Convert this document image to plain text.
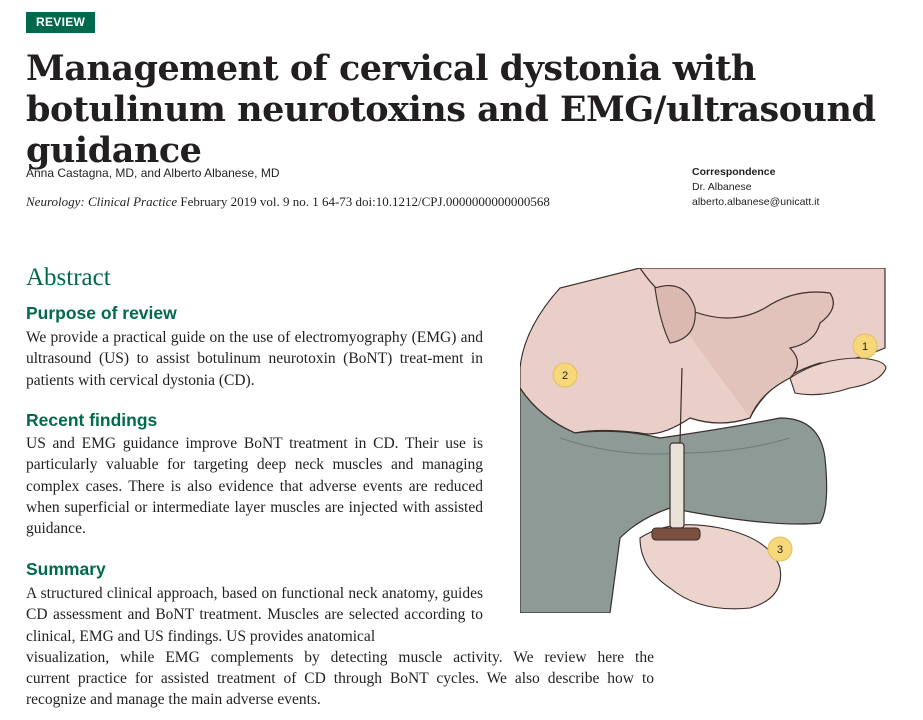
REVIEW
Management of cervical dystonia with botulinum neurotoxins and EMG/ultrasound guidance
Anna Castagna, MD, and Alberto Albanese, MD
Neurology: Clinical Practice February 2019 vol. 9 no. 1 64-73 doi:10.1212/CPJ.0000000000000568
Correspondence
Dr. Albanese
alberto.albanese@unicatt.it
Abstract
Purpose of review

We provide a practical guide on the use of electromyography (EMG) and ultrasound (US) to assist botulinum neurotoxin (BoNT) treat-ment in patients with cervical dystonia (CD).

Recent findings

US and EMG guidance improve BoNT treatment in CD. Their use is particularly valuable for targeting deep neck muscles and managing complex cases. There is also evidence that adverse events are reduced when superficial or intermediate layer muscles are injected with assisted guidance.

Summary

A structured clinical approach, based on functional neck anatomy, guides CD assessment and BoNT treatment. Muscles are selected according to clinical, EMG and US findings. US provides anatomical

visualization, while EMG complements by detecting muscle activity. We review here the
current practice for assisted treatment of CD through BoNT cycles. We also describe how to
recognize and manage the main adverse events.
1
2
3
